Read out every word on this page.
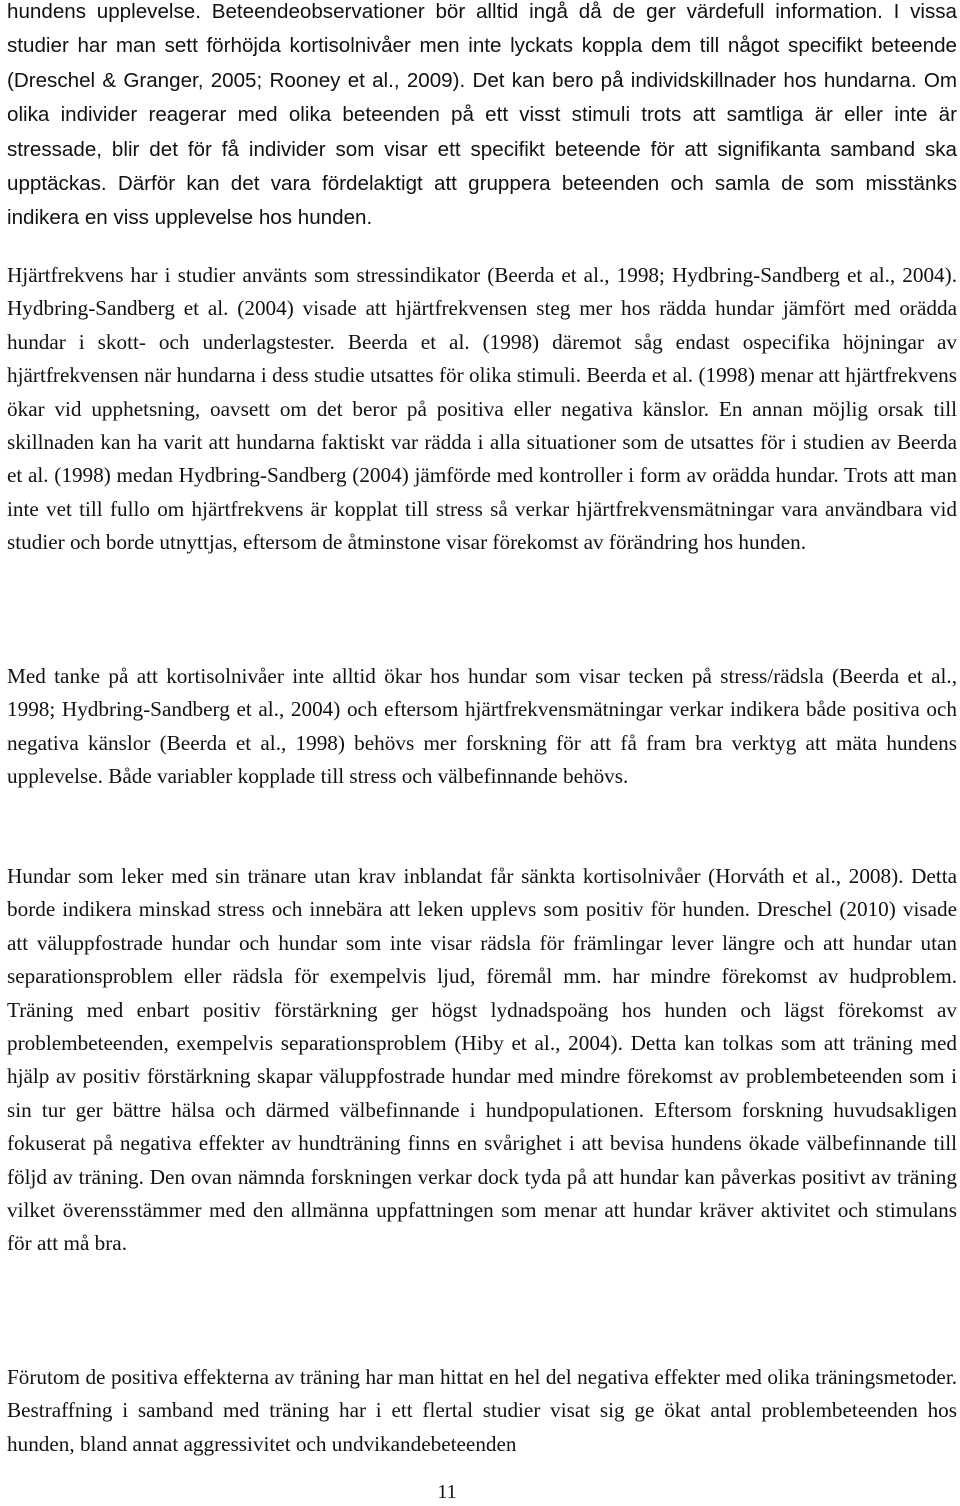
hundens upplevelse. Beteendeobservationer bör alltid ingå då de ger värdefull information. I vissa studier har man sett förhöjda kortisolnivåer men inte lyckats koppla dem till något specifikt beteende (Dreschel & Granger, 2005; Rooney et al., 2009). Det kan bero på individskillnader hos hundarna. Om olika individer reagerar med olika beteenden på ett visst stimuli trots att samtliga är eller inte är stressade, blir det för få individer som visar ett specifikt beteende för att signifikanta samband ska upptäckas. Därför kan det vara fördelaktigt att gruppera beteenden och samla de som misstänks indikera en viss upplevelse hos hunden.

Hjärtfrekvens har i studier använts som stressindikator (Beerda et al., 1998; Hydbring-Sandberg et al., 2004). Hydbring-Sandberg et al. (2004) visade att hjärtfrekvensen steg mer hos rädda hundar jämfört med orädda hundar i skott- och underlagstester. Beerda et al. (1998) däremot såg endast ospecifika höjningar av hjärtfrekvensen när hundarna i dess studie utsattes för olika stimuli. Beerda et al. (1998) menar att hjärtfrekvens ökar vid upphetsning, oavsett om det beror på positiva eller negativa känslor. En annan möjlig orsak till skillnaden kan ha varit att hundarna faktiskt var rädda i alla situationer som de utsattes för i studien av Beerda et al. (1998) medan Hydbring-Sandberg (2004) jämförde med kontroller i form av orädda hundar. Trots att man inte vet till fullo om hjärtfrekvens är kopplat till stress så verkar hjärtfrekvensmätningar vara användbara vid studier och borde utnyttjas, eftersom de åtminstone visar förekomst av förändring hos hunden.

Med tanke på att kortisolnivåer inte alltid ökar hos hundar som visar tecken på stress/rädsla (Beerda et al., 1998; Hydbring-Sandberg et al., 2004) och eftersom hjärtfrekvensmätningar verkar indikera både positiva och negativa känslor (Beerda et al., 1998) behövs mer forskning för att få fram bra verktyg att mäta hundens upplevelse. Både variabler kopplade till stress och välbefinnande behövs.

Hundar som leker med sin tränare utan krav inblandat får sänkta kortisolnivåer (Horváth et al., 2008). Detta borde indikera minskad stress och innebära att leken upplevs som positiv för hunden. Dreschel (2010) visade att väluppfostrade hundar och hundar som inte visar rädsla för främlingar lever längre och att hundar utan separationsproblem eller rädsla för exempelvis ljud, föremål mm. har mindre förekomst av hudproblem. Träning med enbart positiv förstärkning ger högst lydnadspoäng hos hunden och lägst förekomst av problembeteenden, exempelvis separationsproblem (Hiby et al., 2004). Detta kan tolkas som att träning med hjälp av positiv förstärkning skapar väluppfostrade hundar med mindre förekomst av problembeteenden som i sin tur ger bättre hälsa och därmed välbefinnande i hundpopulationen. Eftersom forskning huvudsakligen fokuserat på negativa effekter av hundträning finns en svårighet i att bevisa hundens ökade välbefinnande till följd av träning. Den ovan nämnda forskningen verkar dock tyda på att hundar kan påverkas positivt av träning vilket överensstämmer med den allmänna uppfattningen som menar att hundar kräver aktivitet och stimulans för att må bra.

Förutom de positiva effekterna av träning har man hittat en hel del negativa effekter med olika träningsmetoder. Bestraffning i samband med träning har i ett flertal studier visat sig ge ökat antal problembeteenden hos hunden, bland annat aggressivitet och undvikandebeteenden

11
